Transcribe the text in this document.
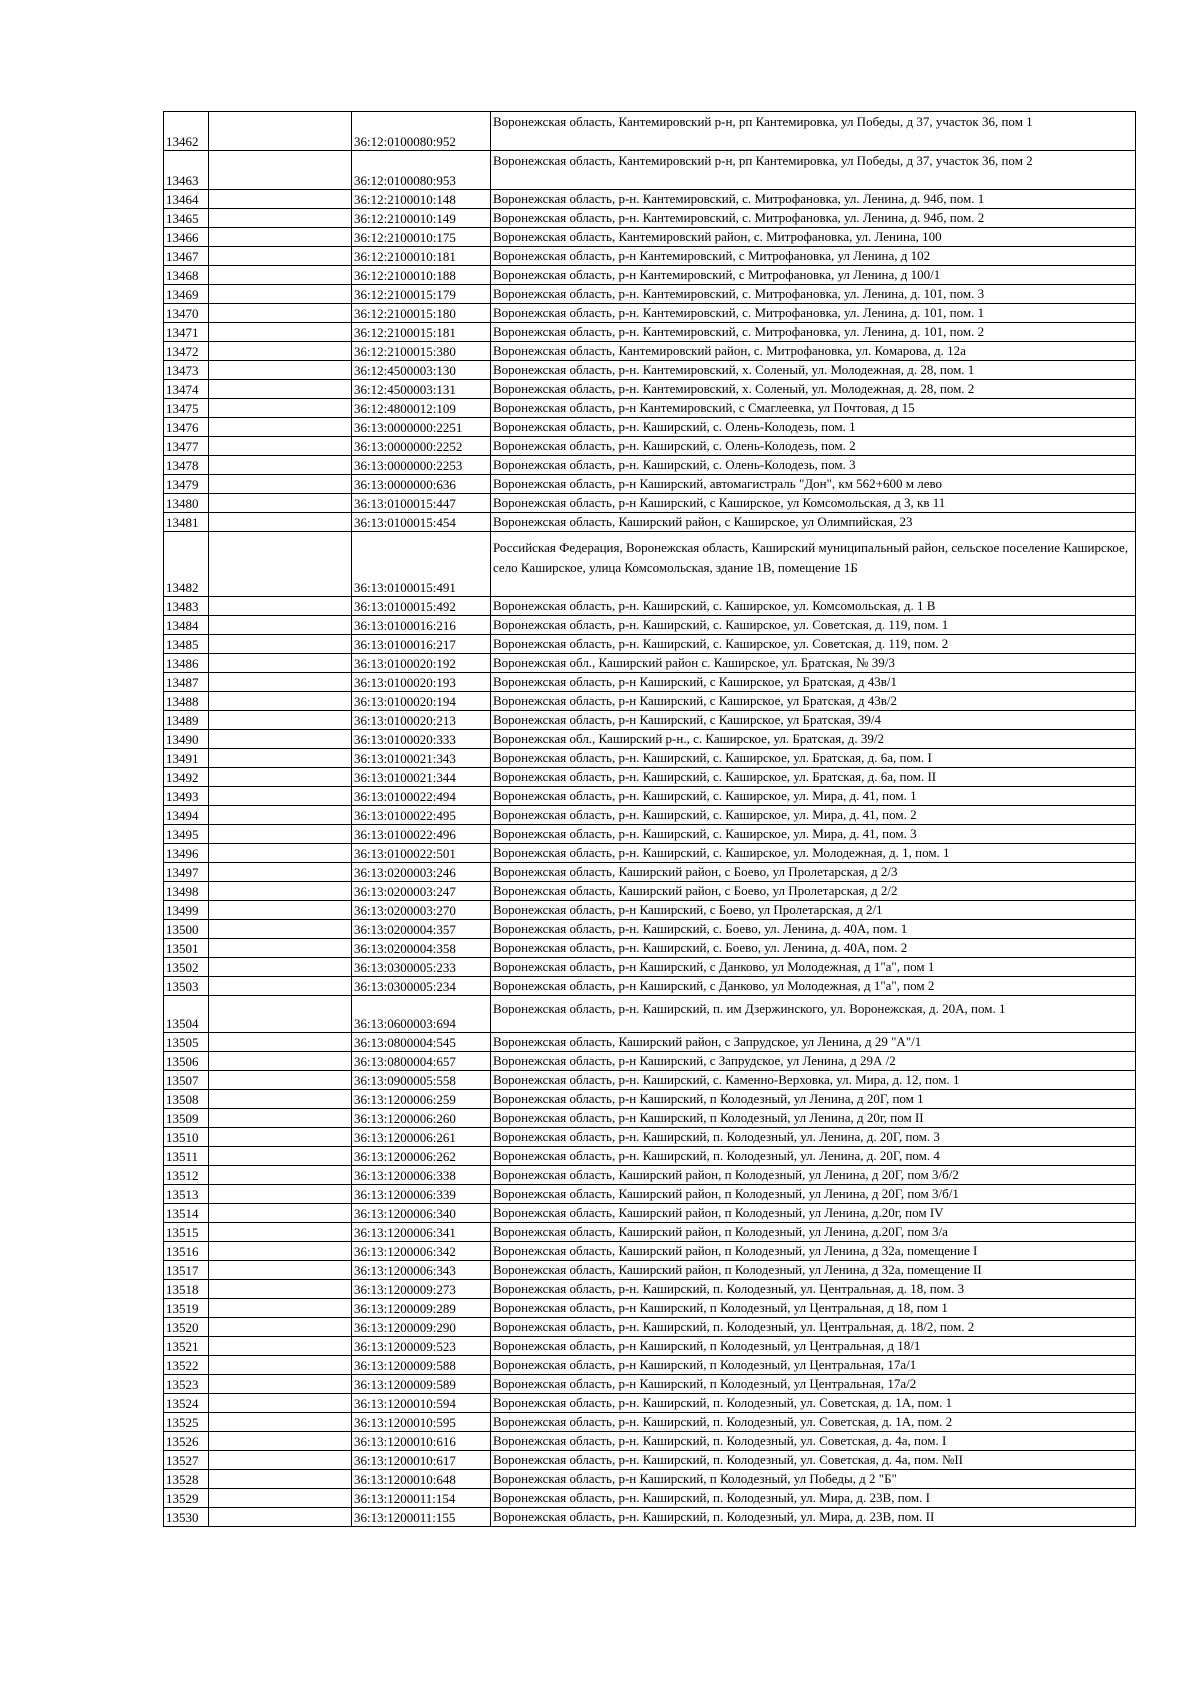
13462		36:12:0100080:952	Воронежская область, Кантемировский р-н, рп Кантемировка, ул Победы, д 37, участок 36, пом 1
13463		36:12:0100080:953	Воронежская область, Кантемировский р-н, рп Кантемировка, ул Победы, д 37, участок 36, пом 2
13464		36:12:2100010:148	Воронежская область, р-н. Кантемировский, с. Митрофановка, ул. Ленина, д. 94б, пом. 1
13465		36:12:2100010:149	Воронежская область, р-н. Кантемировский, с. Митрофановка, ул. Ленина, д. 94б, пом. 2
13466		36:12:2100010:175	Воронежская область, Кантемировский район, с. Митрофановка, ул. Ленина, 100
13467		36:12:2100010:181	Воронежская область, р-н Кантемировский, с Митрофановка, ул Ленина, д 102
13468		36:12:2100010:188	Воронежская область, р-н Кантемировский, с Митрофановка, ул Ленина, д 100/1
13469		36:12:2100015:179	Воронежская область, р-н. Кантемировский, с. Митрофановка, ул. Ленина, д. 101, пом. 3
13470		36:12:2100015:180	Воронежская область, р-н. Кантемировский, с. Митрофановка, ул. Ленина, д. 101, пом. 1
13471		36:12:2100015:181	Воронежская область, р-н. Кантемировский, с. Митрофановка, ул. Ленина, д. 101, пом. 2
13472		36:12:2100015:380	Воронежская область, Кантемировский район, с. Митрофановка, ул. Комарова, д. 12а
13473		36:12:4500003:130	Воронежская область, р-н. Кантемировский, х. Соленый, ул. Молодежная, д. 28, пом. 1
13474		36:12:4500003:131	Воронежская область, р-н. Кантемировский, х. Соленый, ул. Молодежная, д. 28, пом. 2
13475		36:12:4800012:109	Воронежская область, р-н Кантемировский, с Смаглеевка, ул Почтовая, д 15
13476		36:13:0000000:2251	Воронежская область, р-н. Каширский, с. Олень-Колодезь, пом. 1
13477		36:13:0000000:2252	Воронежская область, р-н. Каширский, с. Олень-Колодезь, пом. 2
13478		36:13:0000000:2253	Воронежская область, р-н. Каширский, с. Олень-Колодезь, пом. 3
13479		36:13:0000000:636	Воронежская область, р-н Каширский, автомагистраль "Дон", км 562+600 м лево
13480		36:13:0100015:447	Воронежская область, р-н Каширский, с Каширское, ул Комсомольская, д 3, кв 11
13481		36:13:0100015:454	Воронежская область, Каширский район, с Каширское, ул Олимпийская, 23
13482		36:13:0100015:491	Российская Федерация, Воронежская область, Каширский муниципальный район, сельское поселение Каширское, село Каширское, улица Комсомольская, здание 1В, помещение 1Б
13483		36:13:0100015:492	Воронежская область, р-н. Каширский, с. Каширское, ул. Комсомольская, д. 1 В
13484		36:13:0100016:216	Воронежская область, р-н. Каширский, с. Каширское, ул. Советская, д. 119, пом. 1
13485		36:13:0100016:217	Воронежская область, р-н. Каширский, с. Каширское, ул. Советская, д. 119, пом. 2
13486		36:13:0100020:192	Воронежская обл., Каширский район с. Каширское, ул. Братская, № 39/3
13487		36:13:0100020:193	Воронежская область, р-н Каширский, с Каширское, ул Братская, д 43в/1
13488		36:13:0100020:194	Воронежская область, р-н Каширский, с Каширское, ул Братская, д 43в/2
13489		36:13:0100020:213	Воронежская область, р-н Каширский, с Каширское, ул Братская, 39/4
13490		36:13:0100020:333	Воронежская обл., Каширский р-н., с. Каширское, ул. Братская, д. 39/2
13491		36:13:0100021:343	Воронежская область, р-н. Каширский, с. Каширское, ул. Братская, д. 6а, пом. I
13492		36:13:0100021:344	Воронежская область, р-н. Каширский, с. Каширское, ул. Братская, д. 6а, пом. II
13493		36:13:0100022:494	Воронежская область, р-н. Каширский, с. Каширское, ул. Мира, д. 41, пом. 1
13494		36:13:0100022:495	Воронежская область, р-н. Каширский, с. Каширское, ул. Мира, д. 41, пом. 2
13495		36:13:0100022:496	Воронежская область, р-н. Каширский, с. Каширское, ул. Мира, д. 41, пом. 3
13496		36:13:0100022:501	Воронежская область, р-н. Каширский, с. Каширское, ул. Молодежная, д. 1, пом. 1
13497		36:13:0200003:246	Воронежская область, Каширский район, с Боево, ул Пролетарская, д 2/3
13498		36:13:0200003:247	Воронежская область, Каширский район, с Боево, ул Пролетарская, д 2/2
13499		36:13:0200003:270	Воронежская область, р-н Каширский, с Боево, ул Пролетарская, д 2/1
13500		36:13:0200004:357	Воронежская область, р-н. Каширский, с. Боево, ул. Ленина, д. 40А, пом. 1
13501		36:13:0200004:358	Воронежская область, р-н. Каширский, с. Боево, ул. Ленина, д. 40А, пом. 2
13502		36:13:0300005:233	Воронежская область, р-н Каширский, с Данково, ул Молодежная, д 1"а", пом 1
13503		36:13:0300005:234	Воронежская область, р-н Каширский, с Данково, ул Молодежная, д 1"а", пом 2
13504		36:13:0600003:694	Воронежская область, р-н. Каширский, п. им Дзержинского, ул. Воронежская, д. 20А, пом. 1
13505		36:13:0800004:545	Воронежская область, Каширский район, с Запрудское, ул Ленина, д 29 "А"/1
13506		36:13:0800004:657	Воронежская область, р-н Каширский, с Запрудское, ул Ленина, д 29А /2
13507		36:13:0900005:558	Воронежская область, р-н. Каширский, с. Каменно-Верховка, ул. Мира, д. 12, пом. 1
13508		36:13:1200006:259	Воронежская область, р-н Каширский, п Колодезный, ул Ленина, д 20Г, пом 1
13509		36:13:1200006:260	Воронежская область, р-н Каширский, п Колодезный, ул Ленина, д 20г, пом II
13510		36:13:1200006:261	Воронежская область, р-н. Каширский, п. Колодезный, ул. Ленина, д. 20Г, пом. 3
13511		36:13:1200006:262	Воронежская область, р-н. Каширский, п. Колодезный, ул. Ленина, д. 20Г, пом. 4
13512		36:13:1200006:338	Воронежская область, Каширский район, п Колодезный, ул Ленина, д 20Г, пом 3/б/2
13513		36:13:1200006:339	Воронежская область, Каширский район, п Колодезный, ул Ленина, д 20Г, пом 3/б/1
13514		36:13:1200006:340	Воронежская область, Каширский район, п Колодезный, ул Ленина, д.20г, пом IV
13515		36:13:1200006:341	Воронежская область, Каширский район, п Колодезный, ул Ленина, д.20Г, пом 3/а
13516		36:13:1200006:342	Воронежская область, Каширский район, п Колодезный, ул Ленина, д 32а, помещение I
13517		36:13:1200006:343	Воронежская область, Каширский район, п Колодезный, ул Ленина, д 32а, помещение II
13518		36:13:1200009:273	Воронежская область, р-н. Каширский, п. Колодезный, ул. Центральная, д. 18, пом. 3
13519		36:13:1200009:289	Воронежская область, р-н Каширский, п Колодезный, ул Центральная, д 18, пом 1
13520		36:13:1200009:290	Воронежская область, р-н. Каширский, п. Колодезный, ул. Центральная, д. 18/2, пом. 2
13521		36:13:1200009:523	Воронежская область, р-н Каширский, п Колодезный, ул Центральная, д 18/1
13522		36:13:1200009:588	Воронежская область, р-н Каширский, п Колодезный, ул Центральная, 17а/1
13523		36:13:1200009:589	Воронежская область, р-н Каширский, п Колодезный, ул Центральная, 17а/2
13524		36:13:1200010:594	Воронежская область, р-н. Каширский, п. Колодезный, ул. Советская, д. 1А, пом. 1
13525		36:13:1200010:595	Воронежская область, р-н. Каширский, п. Колодезный, ул. Советская, д. 1А, пом. 2
13526		36:13:1200010:616	Воронежская область, р-н. Каширский, п. Колодезный, ул. Советская, д. 4а, пом. I
13527		36:13:1200010:617	Воронежская область, р-н. Каширский, п. Колодезный, ул. Советская, д. 4а, пом. №II
13528		36:13:1200010:648	Воронежская область, р-н Каширский, п Колодезный, ул Победы, д 2 "Б"
13529		36:13:1200011:154	Воронежская область, р-н. Каширский, п. Колодезный, ул. Мира, д. 23В, пом. I
13530		36:13:1200011:155	Воронежская область, р-н. Каширский, п. Колодезный, ул. Мира, д. 23В, пом. II
